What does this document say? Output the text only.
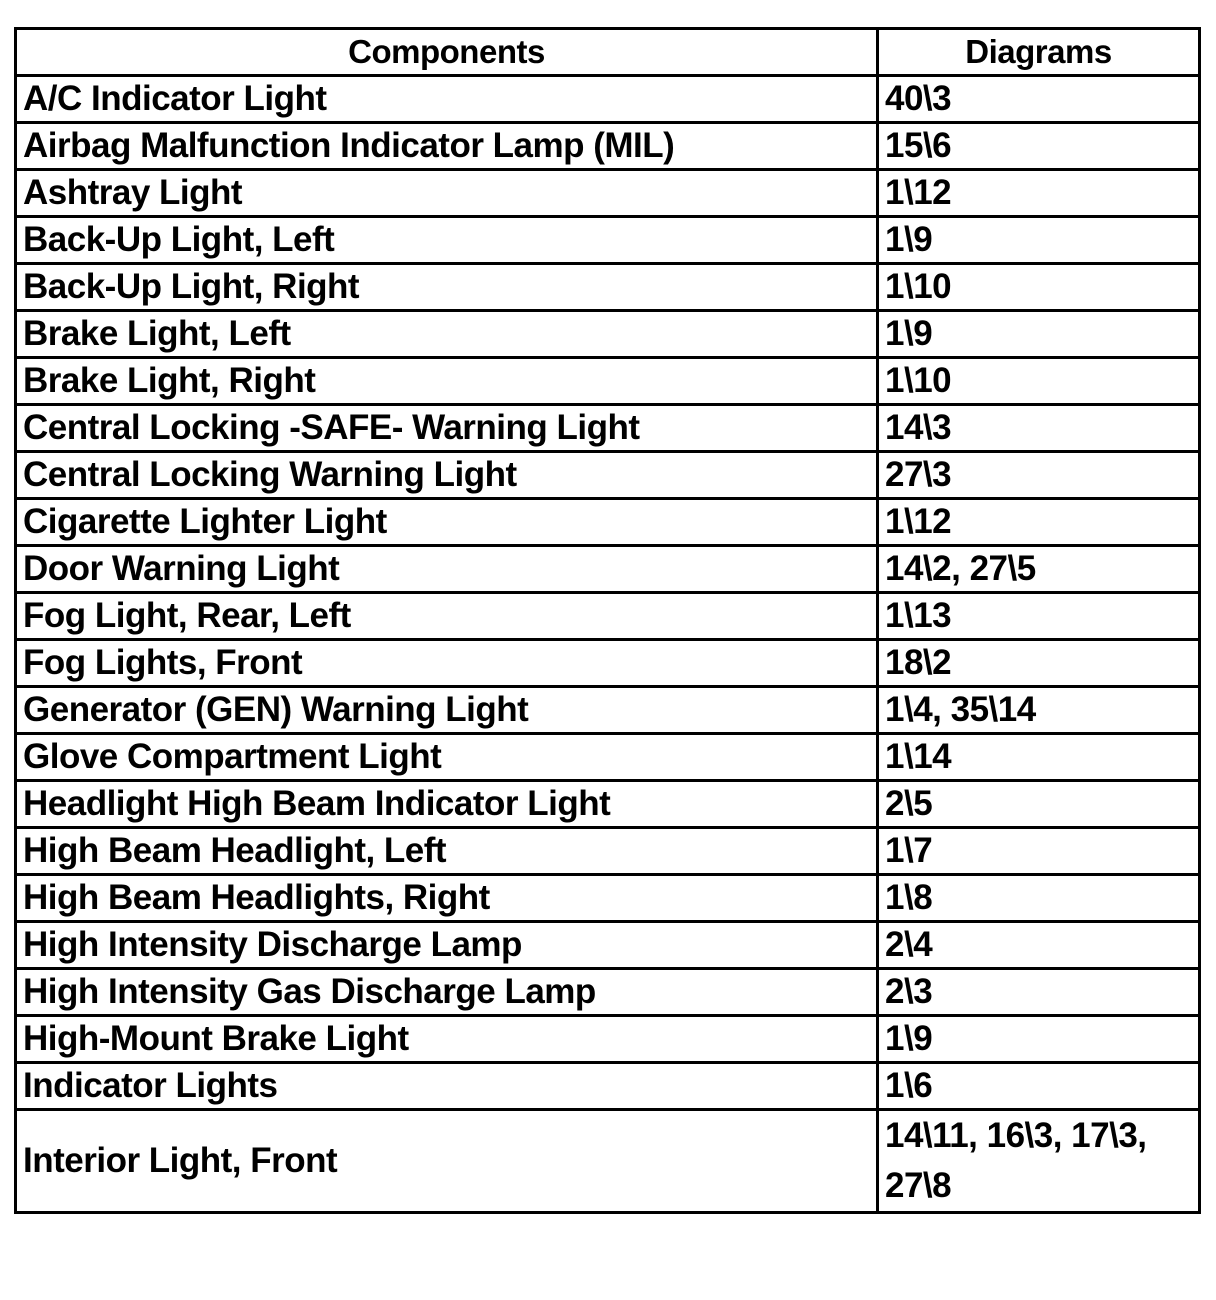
Components	Diagrams
A/C Indicator Light	40\3
Airbag Malfunction Indicator Lamp (MIL)	15\6
Ashtray Light	1\12
Back-Up Light, Left	1\9
Back-Up Light, Right	1\10
Brake Light, Left	1\9
Brake Light, Right	1\10
Central Locking -SAFE- Warning Light	14\3
Central Locking Warning Light	27\3
Cigarette Lighter Light	1\12
Door Warning Light	14\2, 27\5
Fog Light, Rear, Left	1\13
Fog Lights, Front	18\2
Generator (GEN) Warning Light	1\4, 35\14
Glove Compartment Light	1\14
Headlight High Beam Indicator Light	2\5
High Beam Headlight, Left	1\7
High Beam Headlights, Right	1\8
High Intensity Discharge Lamp	2\4
High Intensity Gas Discharge Lamp	2\3
High-Mount Brake Light	1\9
Indicator Lights	1\6
Interior Light, Front	14\11, 16\3, 17\3, 27\8
